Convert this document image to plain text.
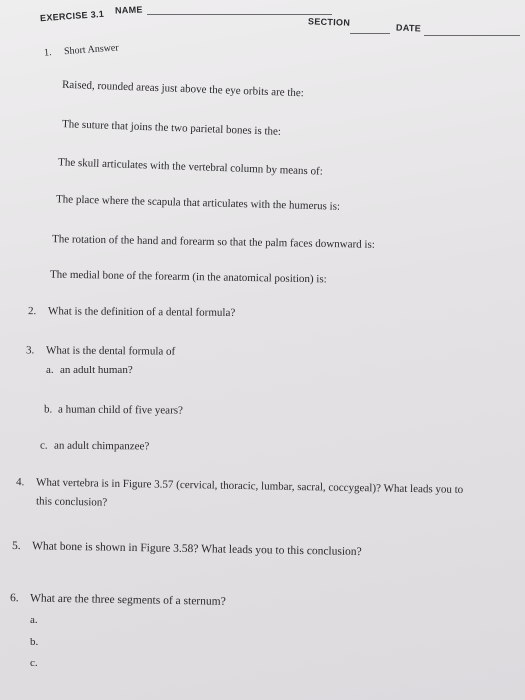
EXERCISE 3.1 NAME
SECTION
DATE
1. Short Answer
Raised, rounded areas just above the eye orbits are the:
The suture that joins the two parietal bones is the:
The skull articulates with the vertebral column by means of:
The place where the scapula that articulates with the humerus is:
The rotation of the hand and forearm so that the palm faces downward is:
The medial bone of the forearm (in the anatomical position) is:
2. What is the definition of a dental formula?
3. What is the dental formula of
a. an adult human?
b. a human child of five years?
c. an adult chimpanzee?
4. What vertebra is in Figure 3.57 (cervical, thoracic, lumbar, sacral, coccygeal)? What leads you to
this conclusion?
5. What bone is shown in Figure 3.58? What leads you to this conclusion?
6. What are the three segments of a sternum?
a.
b.
c.
